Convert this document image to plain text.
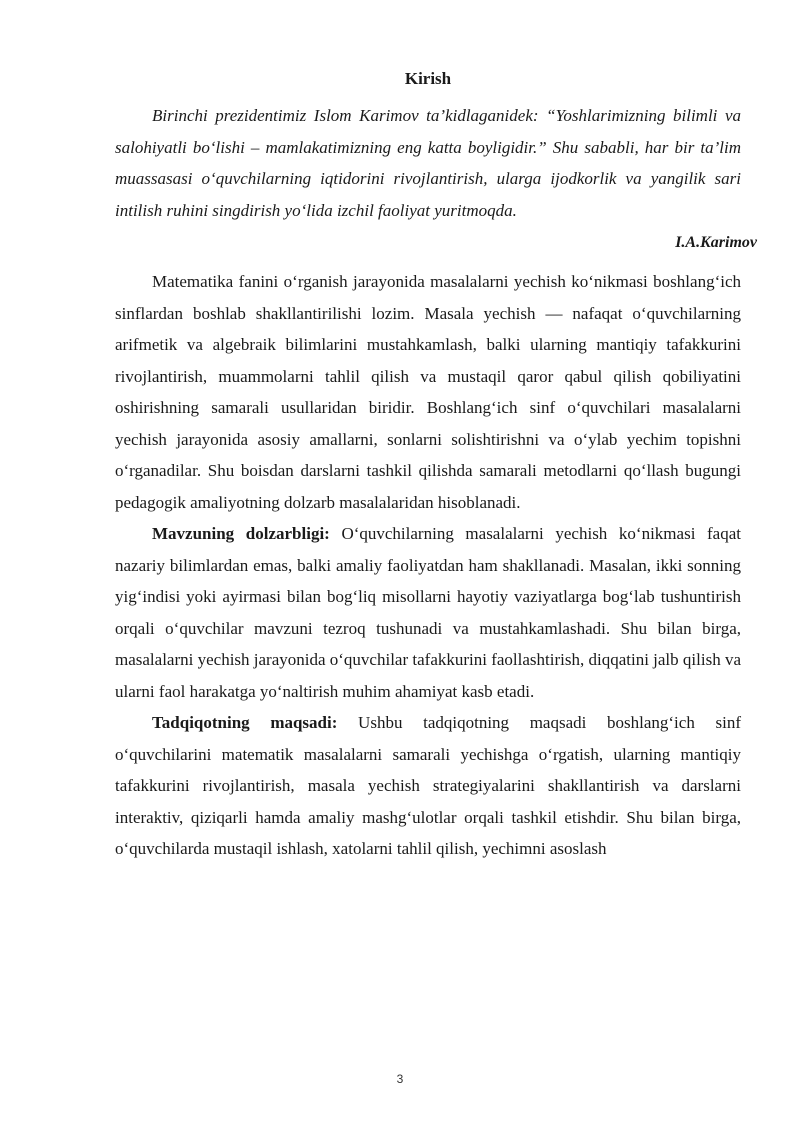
Kirish

Birinchi prezidentimiz Islom Karimov ta’kidlaganidek: “Yoshlarimizning bilimli va salohiyatli bo‘lishi – mamlakatimizning eng katta boyligidir.” Shu sababli, har bir ta’lim muassasasi o‘quvchilarning iqtidorini rivojlantirish, ularga ijodkorlik va yangilik sari intilish ruhini singdirish yo‘lida izchil faoliyat yuritmoqda.

I.A.Karimov

Matematika fanini o‘rganish jarayonida masalalarni yechish ko‘nikmasi boshlang‘ich sinflardan boshlab shakllantirilishi lozim. Masala yechish — nafaqat o‘quvchilarning arifmetik va algebraik bilimlarini mustahkamlash, balki ularning mantiqiy tafakkurini rivojlantirish, muammolarni tahlil qilish va mustaqil qaror qabul qilish qobiliyatini oshirishning samarali usullaridan biridir. Boshlang‘ich sinf o‘quvchilari masalalarni yechish jarayonida asosiy amallarni, sonlarni solishtirishni va o‘ylab yechim topishni o‘rganadilar. Shu boisdan darslarni tashkil qilishda samarali metodlarni qo‘llash bugungi pedagogik amaliyotning dolzarb masalalaridan hisoblanadi.

Mavzuning dolzarbligi: O‘quvchilarning masalalarni yechish ko‘nikmasi faqat nazariy bilimlardan emas, balki amaliy faoliyatdan ham shakllanadi. Masalan, ikki sonning yig‘indisi yoki ayirmasi bilan bog‘liq misollarni hayotiy vaziyatlarga bog‘lab tushuntirish orqali o‘quvchilar mavzuni tezroq tushunadi va mustahkamlashadi. Shu bilan birga, masalalarni yechish jarayonida o‘quvchilar tafakkurini faollashtirish, diqqatini jalb qilish va ularni faol harakatga yo‘naltirish muhim ahamiyat kasb etadi.

Tadqiqotning maqsadi: Ushbu tadqiqotning maqsadi boshlang‘ich sinf o‘quvchilarini matematik masalalarni samarali yechishga o‘rgatish, ularning mantiqiy tafakkurini rivojlantirish, masala yechish strategiyalarini shakllantirish va darslarni interaktiv, qiziqarli hamda amaliy mashg‘ulotlar orqali tashkil etishdir. Shu bilan birga, o‘quvchilarda mustaqil ishlash, xatolarni tahlil qilish, yechimni asoslash

3
